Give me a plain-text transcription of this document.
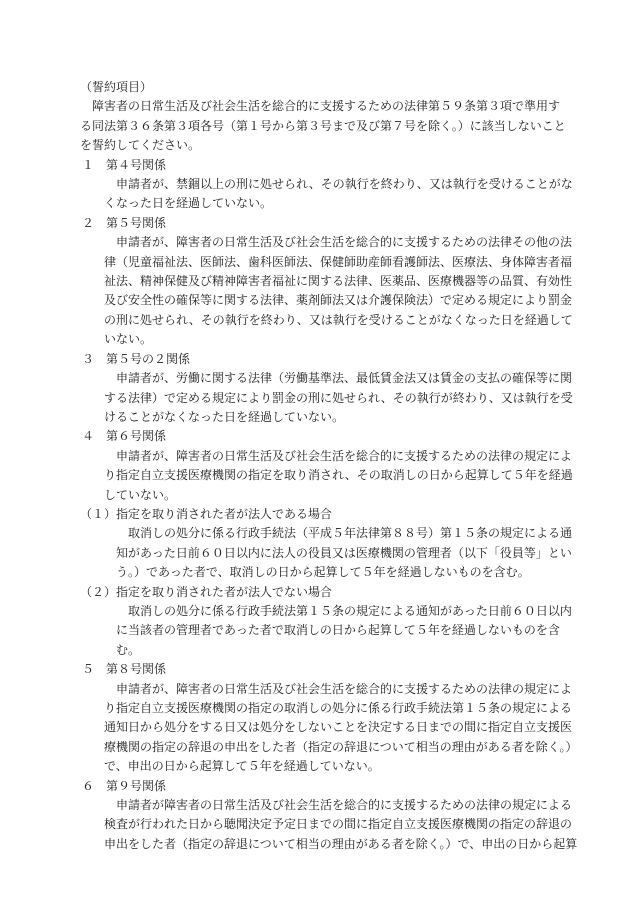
（誓約項目）
障害者の日常生活及び社会生活を総合的に支援するための法律第５９条第３項で準用す
る同法第３６条第３項各号（第１号から第３号まで及び第７号を除く。）に該当しないこと
を誓約してください。
１ 第４号関係
申請者が、禁錮以上の刑に処せられ、その執行を終わり、又は執行を受けることがな
くなった日を経過していない。
２ 第５号関係
申請者が、障害者の日常生活及び社会生活を総合的に支援するための法律その他の法
律（児童福祉法、医師法、歯科医師法、保健師助産師看護師法、医療法、身体障害者福
祉法、精神保健及び精神障害者福祉に関する法律、医薬品、医療機器等の品質、有効性
及び安全性の確保等に関する法律、薬剤師法又は介護保険法）で定める規定により罰金
の刑に処せられ、その執行を終わり、又は執行を受けることがなくなった日を経過して
いない。
３ 第５号の２関係
申請者が、労働に関する法律（労働基準法、最低賃金法又は賃金の支払の確保等に関
する法律）で定める規定により罰金の刑に処せられ、その執行が終わり、又は執行を受
けることがなくなった日を経過していない。
４ 第６号関係
申請者が、障害者の日常生活及び社会生活を総合的に支援するための法律の規定によ
り指定自立支援医療機関の指定を取り消され、その取消しの日から起算して５年を経過
していない。
（１）指定を取り消された者が法人である場合
取消しの処分に係る行政手続法（平成５年法律第８８号）第１５条の規定による通
知があった日前６０日以内に法人の役員又は医療機関の管理者（以下「役員等」とい
う。）であった者で、取消しの日から起算して５年を経過しないものを含む。
（２）指定を取り消された者が法人でない場合
取消しの処分に係る行政手続法第１５条の規定による通知があった日前６０日以内
に当該者の管理者であった者で取消しの日から起算して５年を経過しないものを含
む。
５ 第８号関係
申請者が、障害者の日常生活及び社会生活を総合的に支援するための法律の規定によ
り指定自立支援医療機関の指定の取消しの処分に係る行政手続法第１５条の規定による
通知日から処分をする日又は処分をしないことを決定する日までの間に指定自立支援医
療機関の指定の辞退の申出をした者（指定の辞退について相当の理由がある者を除く。）
で、申出の日から起算して５年を経過していない。
６ 第９号関係
申請者が障害者の日常生活及び社会生活を総合的に支援するための法律の規定による
検査が行われた日から聴聞決定予定日までの間に指定自立支援医療機関の指定の辞退の
申出をした者（指定の辞退について相当の理由がある者を除く。）で、申出の日から起算
